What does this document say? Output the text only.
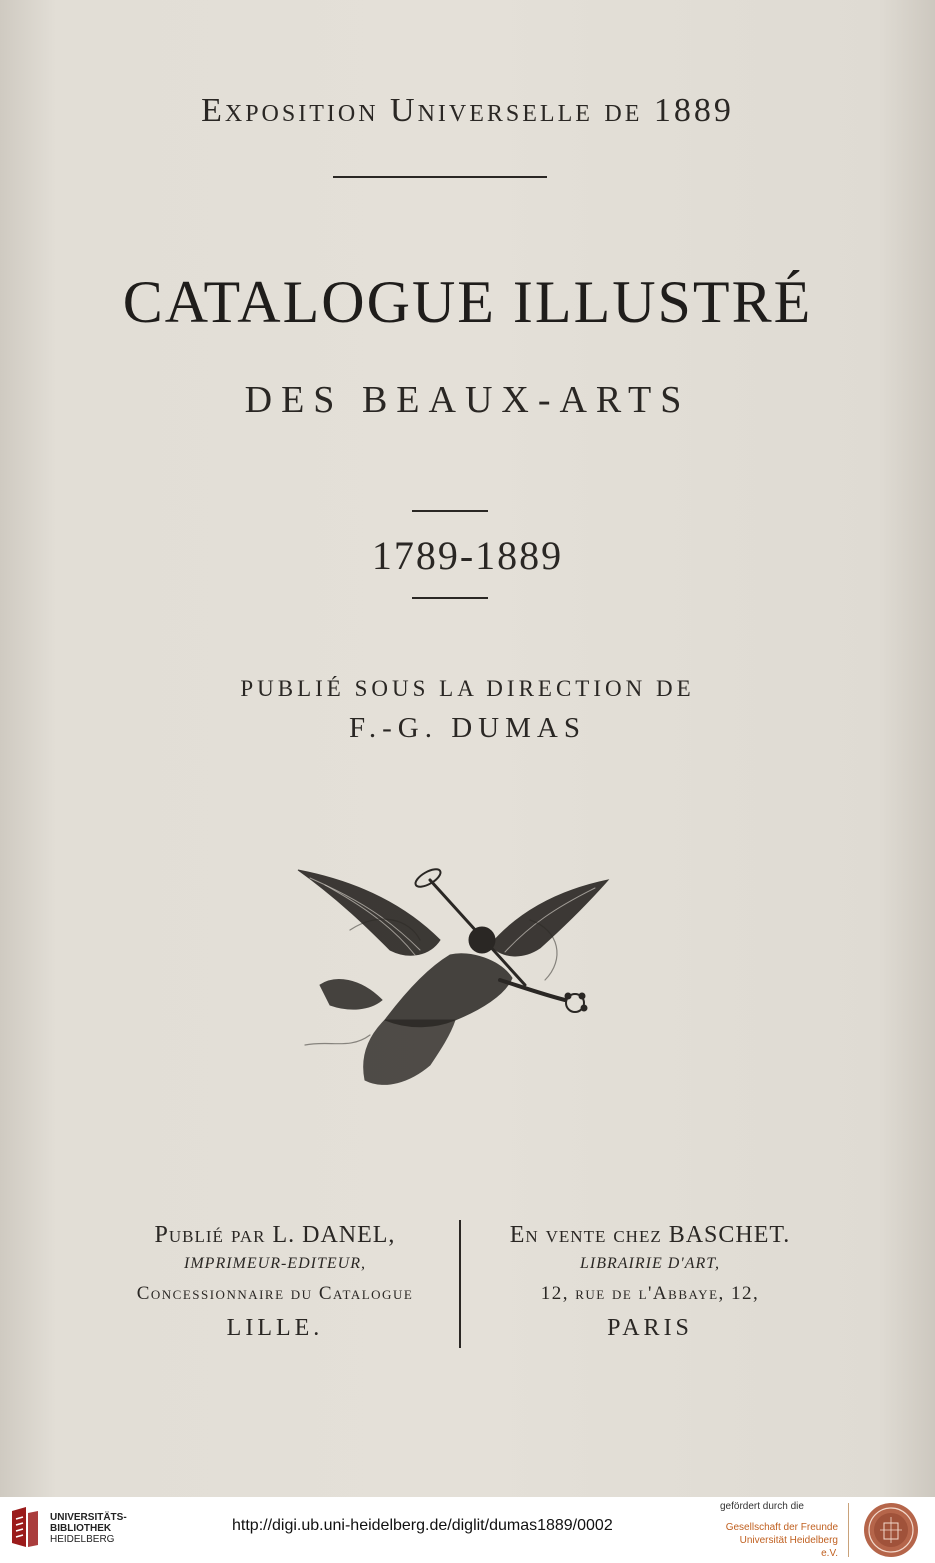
Exposition Universelle de 1889
CATALOGUE ILLUSTRÉ
DES BEAUX-ARTS
1789-1889
PUBLIÉ SOUS LA DIRECTION DE
F.-G. DUMAS
Publié par L. DANEL,
IMPRIMEUR-EDITEUR,
Concessionnaire du Catalogue
LILLE.
En vente chez BASCHET.
LIBRAIRIE D'ART,
12, rue de l'Abbaye, 12,
PARIS
UNIVERSITÄTS-
BIBLIOTHEK
HEIDELBERG
http://digi.ub.uni-heidelberg.de/diglit/dumas1889/0002
gefördert durch die
Gesellschaft der Freunde
Universität Heidelberg e.V.
